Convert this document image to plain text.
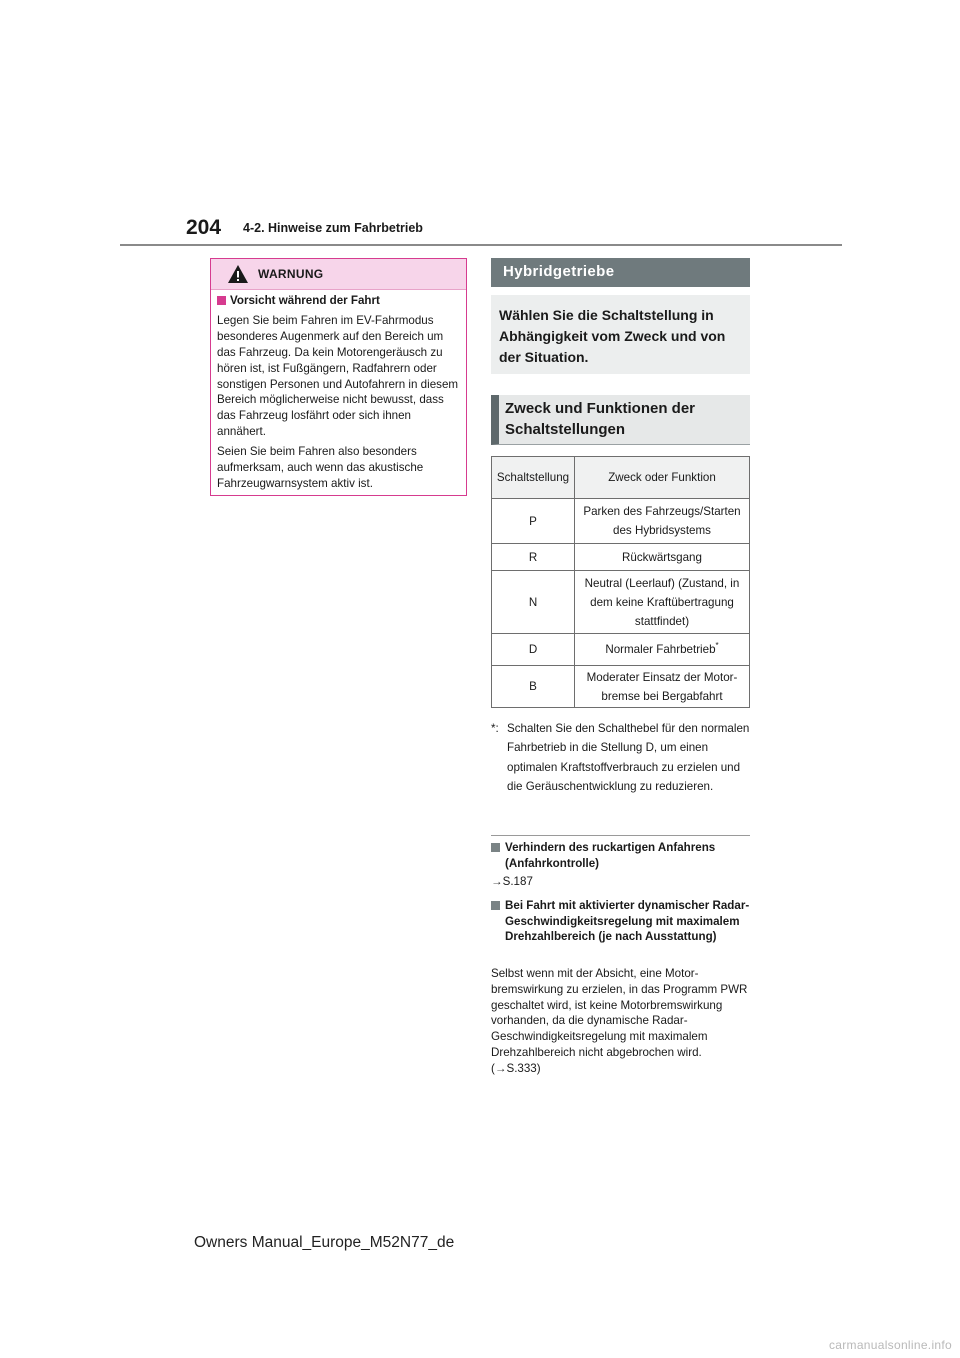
204 4-2. Hinweise zum Fahrbetrieb
WARNUNG
Vorsicht während der Fahrt

Legen Sie beim Fahren im EV-Fahrmodus besonderes Augenmerk auf den Bereich um das Fahrzeug. Da kein Motorengeräusch zu hören ist, ist Fußgängern, Radfahrern oder sonstigen Personen und Autofahrern in diesem Bereich möglicherweise nicht bewusst, dass das Fahrzeug losfährt oder sich ihnen annähert.

Seien Sie beim Fahren also besonders aufmerksam, auch wenn das akustische Fahrzeugwarnsystem aktiv ist.

Hybridgetriebe
Wählen Sie die Schaltstellung in Abhängigkeit vom Zweck und von der Situation.
Zweck und Funktionen der Schaltstellungen
Schaltstellung	Zweck oder Funktion
P	Parken des Fahrzeugs/Starten des Hybridsystems
R	Rückwärtsgang
N	Neutral (Leerlauf) (Zustand, in dem keine Kraftübertragung stattfindet)
D	Normaler Fahrbetrieb*
B	Moderater Einsatz der Motorbremse bei Bergabfahrt
*: Schalten Sie den Schalthebel für den normalen Fahrbetrieb in die Stellung D, um einen optimalen Kraftstoffverbrauch zu erzielen und die Geräuschentwicklung zu reduzieren.
Verhindern des ruckartigen Anfahrens (Anfahrkontrolle)
→S.187
Bei Fahrt mit aktivierter dynamischer Radar-Geschwindigkeitsregelung mit maximalem Drehzahlbereich (je nach Ausstattung)
Selbst wenn mit der Absicht, eine Motorbremswirkung zu erzielen, in das Programm PWR geschaltet wird, ist keine Motorbremswirkung vorhanden, da die dynamische Radar-Geschwindigkeitsregelung mit maximalem Drehzahlbereich nicht abgebrochen wird. (→S.333)
Owners Manual_Europe_M52N77_de
carmanualsonline.info
